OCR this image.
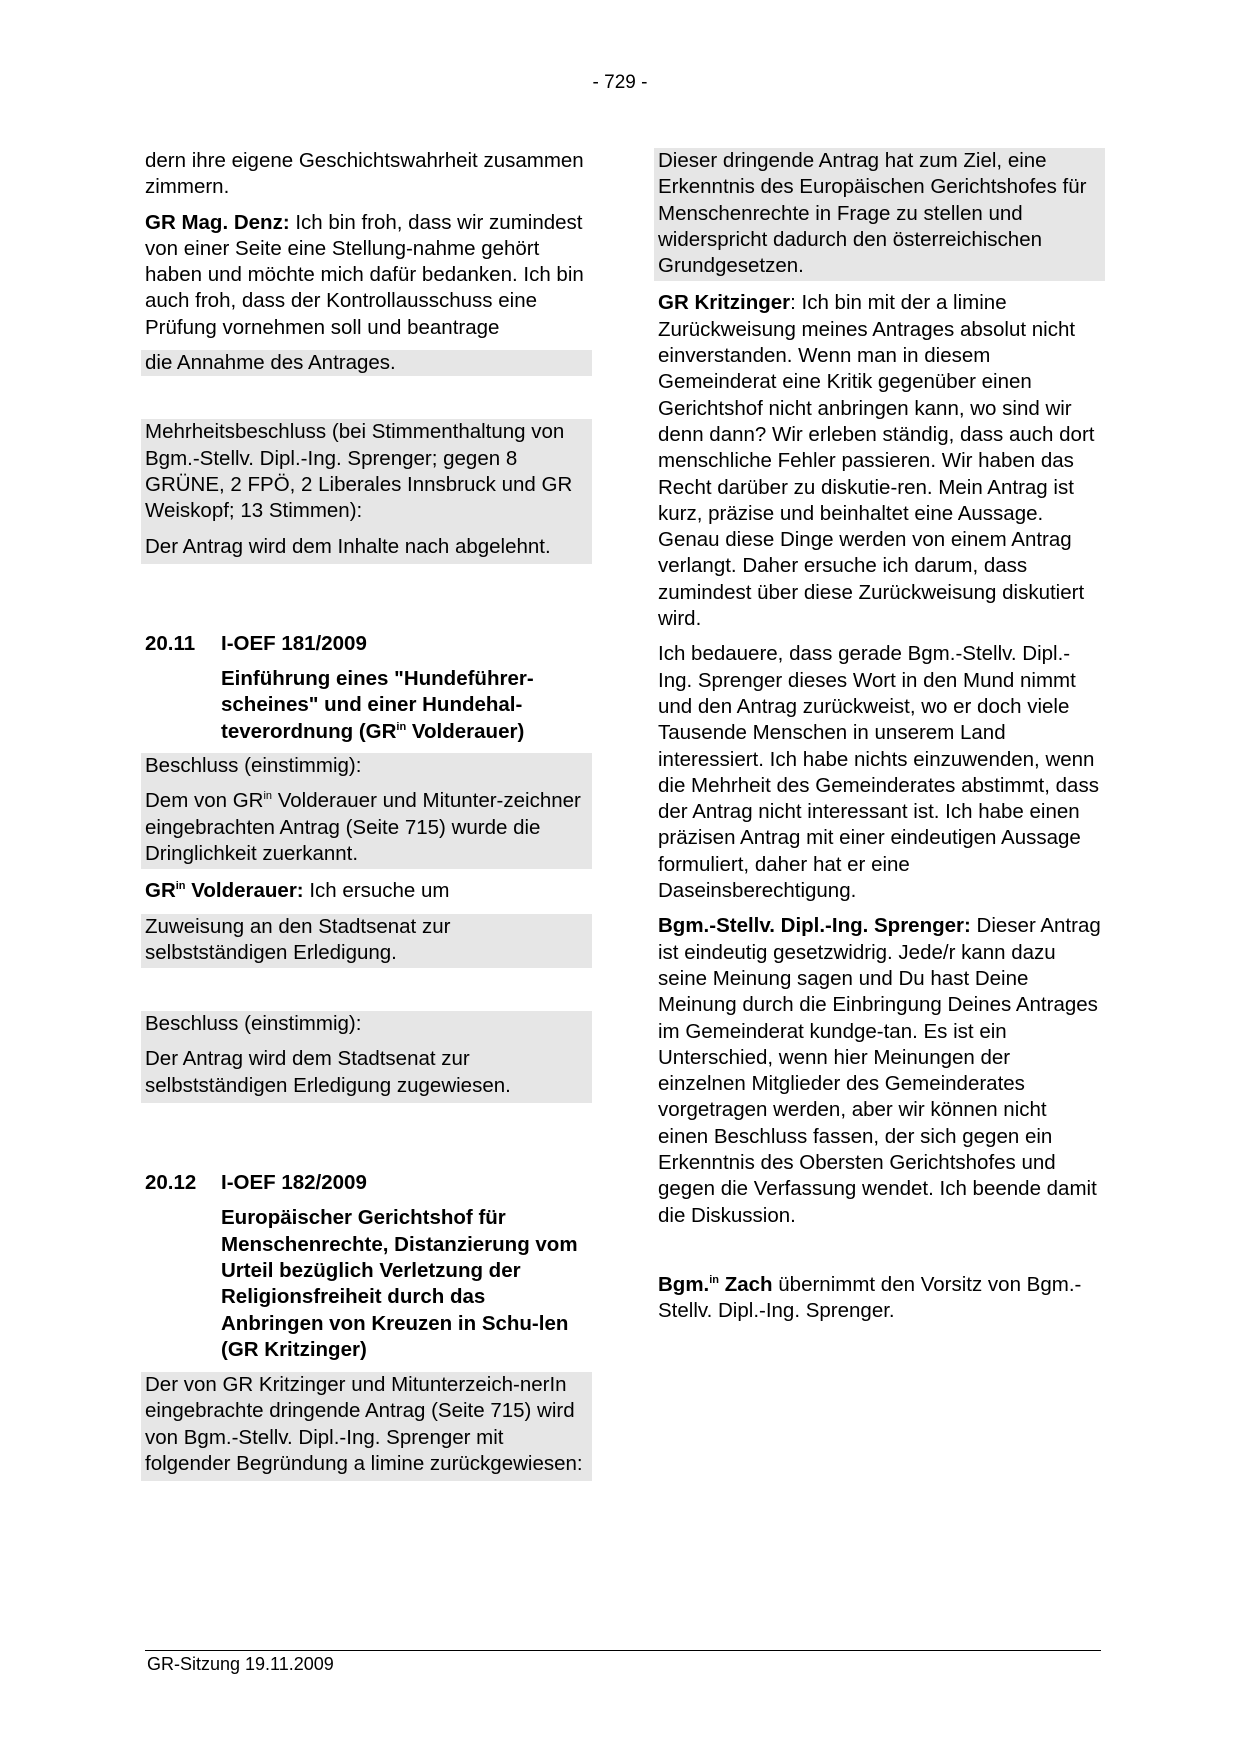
- 729 -

dern ihre eigene Geschichtswahrheit zusammen zimmern.

GR Mag. Denz: Ich bin froh, dass wir zumindest von einer Seite eine Stellung-nahme gehört haben und möchte mich dafür bedanken. Ich bin auch froh, dass der Kontrollausschuss eine Prüfung vornehmen soll und beantrage

die Annahme des Antrages.

Mehrheitsbeschluss (bei Stimmenthaltung von Bgm.-Stellv. Dipl.-Ing. Sprenger; gegen 8 GRÜNE, 2 FPÖ, 2 Liberales Innsbruck und GR Weiskopf; 13 Stimmen):

Der Antrag wird dem Inhalte nach abgelehnt.

20.11	I-OEF 181/2009

Einführung eines "Hundeführer-scheines" und einer Hundehal-teverordnung ($GR^{in}$ Volderauer)

Beschluss (einstimmig):

Dem von $GR^{in}$ Volderauer und Mitunter-zeichner eingebrachten Antrag (Seite 715) wurde die Dringlichkeit zuerkannt.

$GR^{in}$ Volderauer: Ich ersuche um

Zuweisung an den Stadtsenat zur selbstständigen Erledigung.

Beschluss (einstimmig):

Der Antrag wird dem Stadtsenat zur selbstständigen Erledigung zugewiesen.

20.12	I-OEF 182/2009

Europäischer Gerichtshof für Menschenrechte, Distanzierung vom Urteil bezüglich Verletzung der Religionsfreiheit durch das Anbringen von Kreuzen in Schu-len (GR Kritzinger)

Der von GR Kritzinger und Mitunterzeich-nerIn eingebrachte dringende Antrag (Seite 715) wird von Bgm.-Stellv. Dipl.-Ing. Sprenger mit folgender Begründung a limine zurückgewiesen:

Dieser dringende Antrag hat zum Ziel, eine Erkenntnis des Europäischen Gerichtshofes für Menschenrechte in Frage zu stellen und widerspricht dadurch den österreichischen Grundgesetzen.

GR Kritzinger: Ich bin mit der a limine Zurückweisung meines Antrages absolut nicht einverstanden. Wenn man in diesem Gemeinderat eine Kritik gegenüber einen Gerichtshof nicht anbringen kann, wo sind wir denn dann? Wir erleben ständig, dass auch dort menschliche Fehler passieren. Wir haben das Recht darüber zu diskutie-ren. Mein Antrag ist kurz, präzise und beinhaltet eine Aussage. Genau diese Dinge werden von einem Antrag verlangt. Daher ersuche ich darum, dass zumindest über diese Zurückweisung diskutiert wird.

Ich bedauere, dass gerade Bgm.-Stellv. Dipl.-Ing. Sprenger dieses Wort in den Mund nimmt und den Antrag zurückweist, wo er doch viele Tausende Menschen in unserem Land interessiert. Ich habe nichts einzuwenden, wenn die Mehrheit des Gemeinderates abstimmt, dass der Antrag nicht interessant ist. Ich habe einen präzisen Antrag mit einer eindeutigen Aussage formuliert, daher hat er eine Daseinsberechtigung.

Bgm.-Stellv. Dipl.-Ing. Sprenger: Dieser Antrag ist eindeutig gesetzwidrig. Jede/r kann dazu seine Meinung sagen und Du hast Deine Meinung durch die Einbringung Deines Antrages im Gemeinderat kundge-tan. Es ist ein Unterschied, wenn hier Meinungen der einzelnen Mitglieder des Gemeinderates vorgetragen werden, aber wir können nicht einen Beschluss fassen, der sich gegen ein Erkenntnis des Obersten Gerichtshofes und gegen die Verfassung wendet. Ich beende damit die Diskussion.

Bgm.$^{in}$ Zach übernimmt den Vorsitz von Bgm.-Stellv. Dipl.-Ing. Sprenger.

GR-Sitzung 19.11.2009
